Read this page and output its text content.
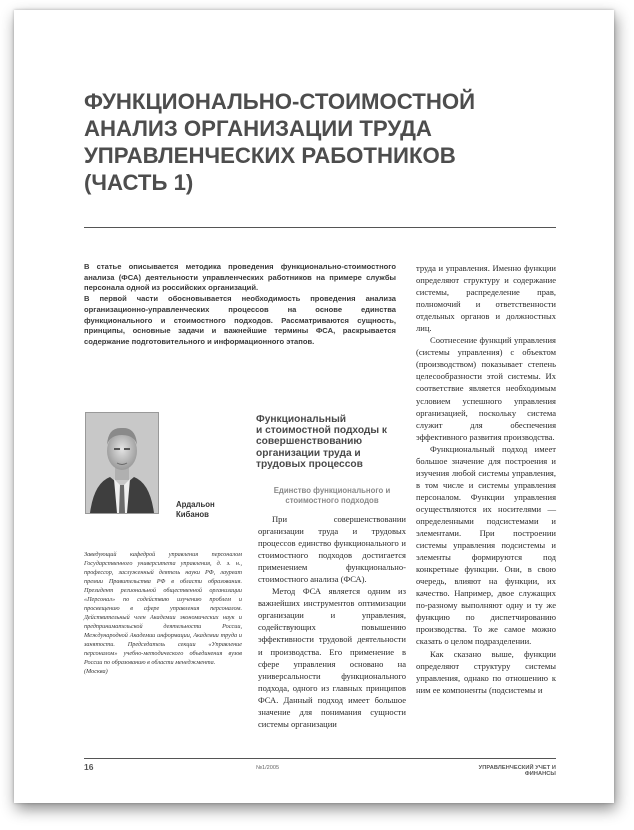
ФУНКЦИОНАЛЬНО-СТОИМОСТНОЙ
АНАЛИЗ ОРГАНИЗАЦИИ ТРУДА
УПРАВЛЕНЧЕСКИХ РАБОТНИКОВ
(ЧАСТЬ 1)

В статье описывается методика проведения функционально-стоимостного анализа (ФСА) деятельности управленческих работников на примере службы персонала одной из российских организаций.

В первой части обосновывается необходимость проведения анализа организационно-управленческих процессов на основе единства функционального и стоимостного подходов. Рассматриваются сущность, принципы, основные задачи и важнейшие термины ФСА, раскрывается содержание подготовительного и информационного этапов.

Ардальон
Кибанов
Заведующий кафедрой управления персоналом Государственного университета управления, д. э. н., профессор, заслуженный деятель науки РФ, лауреат премии Правительства РФ в области образования. Президент региональной общественной организации «Персонал» по содействию изучению проблем и просвещению в сфере управления персоналом. Действительный член Академии экономических наук и предпринимательской деятельности России, Международной Академии информации, Академии труда и занятости. Председатель секции «Управление персоналом» учебно-методического объединения вузов России по образованию в области менеджмента.
(Москва)
Функциональный
и стоимостной подходы к
совершенствованию
организации труда и
трудовых процессов
Единство функционального и
стоимостного подходов

При совершенствовании организации труда и трудовых процессов единство функционального и стоимостного подходов достигается применением функционально-стоимостного анализа (ФСА).

Метод ФСА является одним из важнейших инструментов оптимизации организации и управления, содействующих повышению эффективности трудовой деятельности и производства. Его применение в сфере управления основано на универсальности функционального подхода, одного из главных принципов ФСА. Данный подход имеет большое значение для понимания сущности системы организации

труда и управления. Именно функции определяют структуру и содержание системы, распределение прав, полномочий и ответственности отдельных органов и должностных лиц.

Соотнесение функций управления (системы управления) с объектом (производством) показывает степень целесообразности этой системы. Их соответствие является необходимым условием успешного управления организацией, поскольку система служит для обеспечения эффективного развития производства.

Функциональный подход имеет большое значение для построения и изучения любой системы управления, в том числе и системы управления персоналом. Функции управления осуществляются их носителями — определенными подсистемами и элементами. При построении системы управления подсистемы и элементы формируются под конкретные функции. Они, в свою очередь, влияют на функции, их качество. Например, двое служащих по-разному выполняют одну и ту же функцию по диспетчированию производства. То же самое можно сказать о целом подразделении.

Как сказано выше, функции определяют структуру системы управления, однако по отношению к ним ее компоненты (подсистемы и

16	№1/2005	УПРАВЛЕНЧЕСКИЙ УЧЕТ И ФИНАНСЫ
